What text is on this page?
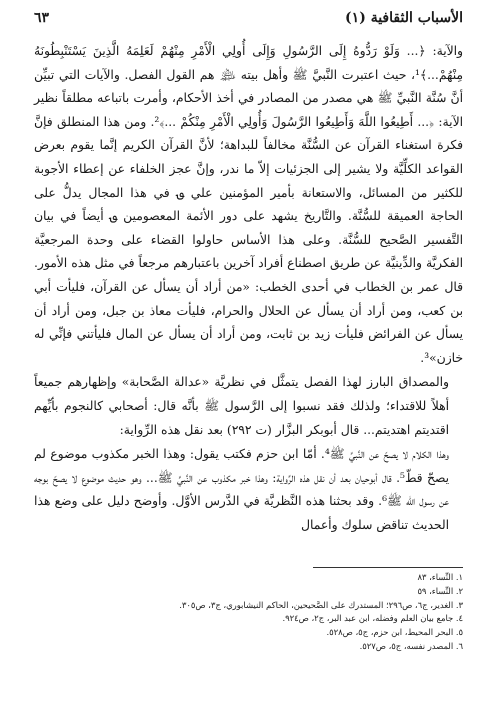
الأسباب الثقافية (١)
٦٣

والآية: ﴿... وَلَوْ رَدُّوهُ إِلَى الرَّسُولِ وَإِلَى أُولِي الْأَمْرِ مِنْهُمْ لَعَلِمَهُ الَّذِينَ يَسْتَنْبِطُونَهُ مِنْهُمْ...﴾¹، حيث اعتبرت النَّبيَّ ﷺ وأهل بيته ﵈ هم القول الفصل. والآيات التي تبيِّن أنَّ سُنَّة النَّبيِّ ﷺ هي مصدر من المصادر في أخذ الأحكام، وأمرت باتباعه مطلقاً نظير الآية: ﴿... أَطِيعُوا اللَّهَ وَأَطِيعُوا الرَّسُولَ وَأُولِي الْأَمْرِ مِنْكُمْ ...﴾². ومن هذا المنطلق فإنَّ فكرة استغناء القرآن عن السُّنَّة مخالفاً للبداهة؛ لأنَّ القرآن الكريم إنَّما يقوم بعرض القواعد الكلِّيَّة ولا يشير إلى الجزئيات إلاّ ما ندر، وإنَّ عجز الخلفاء عن إعطاء الأجوبة للكثير من المسائل، والاستعانة بأمير المؤمنين علي ؈ في هذا المجال يدلُّ على الحاجة العميقة للسُّنَّة. والتَّاريخ يشهد على دور الأئمة المعصومين ؈ أيضاً في بيان التَّفسير الصَّحيح للسُّنَّة. وعلى هذا الأساس حاولوا القضاء على وحدة المرجعيَّة الفكريَّة والدِّينيَّة عن طريق اصطناع أفراد آخرين باعتبارهم مرجعاً في مثل هذه الأمور. قال عمر بن الخطاب في أحدى الخطب: «من أراد أن يسأل عن القرآن، فليأت أبي بن كعب، ومن أراد أن يسأل عن الحلال والحرام، فليأت معاذ بن جبل، ومن أراد أن يسأل عن الفرائض فليأت زيد بن ثابت، ومن أراد أن يسأل عن المال فليأتني فإنِّي له خازن»³.

والمصداق البارز لهذا الفصل يتمثَّل في نظريَّة «عدالة الصَّحابة» وإظهارهم جميعاً أهلاً للاقتداء؛ ولذلك فقد نسبوا إلى الرَّسول ﷺ بأنَّه قال: أصحابي كالنجوم بأيِّهم اقتديتم اهتديتم... قال أبوبكر البزَّار (ت ٢٩٢) بعد نقل هذه الرِّواية:

وهذا الكلام لا يصحّ عن النَّبيِّ ﷺ⁴. أمّا ابن حزم فكتب يقول: وهذا الخبر مكذوب موضوع لم يصحّ قطّ⁵. قال أبوحيان بعد أن نقل هذه الرِّواية: وهذا خبر مكذوب عن النَّبيِّ ﷺ... وهو حديث موضوع لا يصحّ بوجه عن رسول الله ﷺ⁶. وقد بحثنا هذه النَّظريَّة في الدَّرس الأوَّل. وأوضح دليل على وضع هذا الحديث تناقض سلوك وأعمال

١. النِّساء، ٨٣
٢. النِّساء، ٥٩
٣. الغدير، ج٦، ص٢٩٦؛ المستدرك على الصَّحيحين، الحاكم النيشابوري، ج٣، ص٣٠٥.
٤. جامع بيان العلم وفضله، ابن عبد البر، ج٢، ص٩٢٤.
٥. البحر المحيط، ابن حزم، ج٥، ص٥٢٨.
٦. المصدر نفسه، ج٥، ص٥٢٧.
